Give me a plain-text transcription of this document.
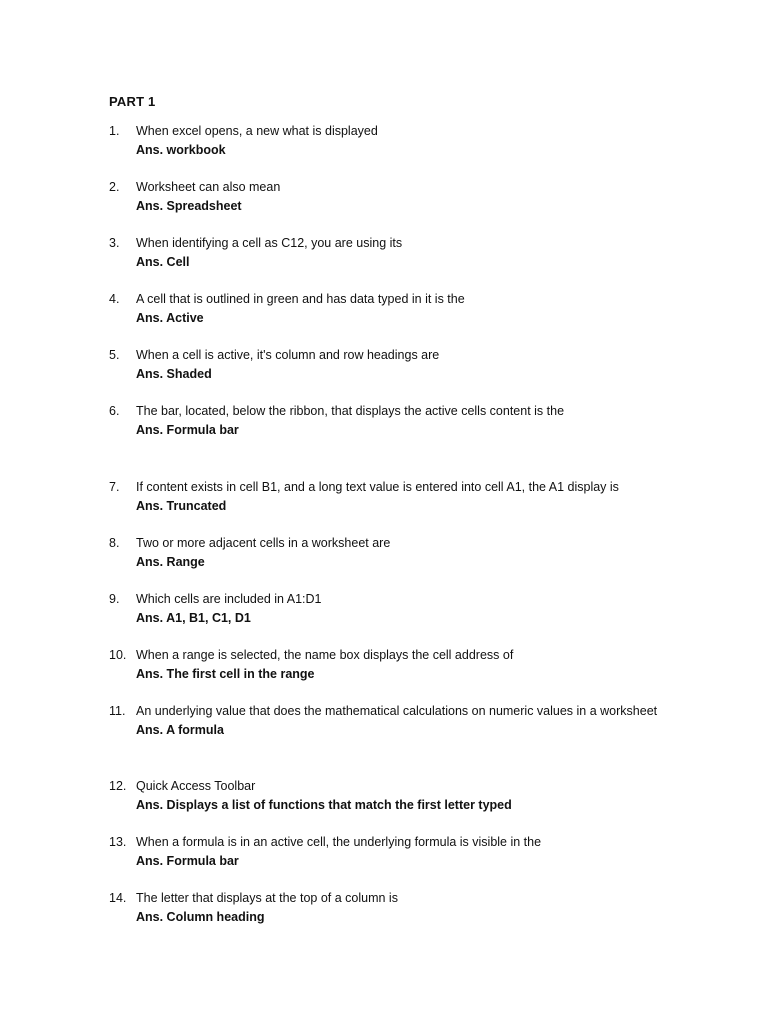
PART 1
1.	When excel opens, a new what is displayed
Ans. workbook
2.	Worksheet can also mean
Ans. Spreadsheet
3.	When identifying a cell as C12, you are using its
Ans. Cell
4.	A cell that is outlined in green and has data typed in it is the
Ans. Active
5.	When a cell is active, it's column and row headings are
Ans. Shaded
6.	The bar, located, below the ribbon, that displays the active cells content is the
Ans. Formula bar
7.	If content exists in cell B1, and a long text value is entered into cell A1, the A1 display is
Ans. Truncated
8.	Two or more adjacent cells in a worksheet are
Ans. Range
9.	Which cells are included in A1:D1
Ans. A1, B1, C1, D1
10. When a range is selected, the name box displays the cell address of
Ans. The first cell in the range
11. An underlying value that does the mathematical calculations on numeric values in a worksheet
Ans. A formula
12. Quick Access Toolbar
Ans. Displays a list of functions that match the first letter typed
13. When a formula is in an active cell, the underlying formula is visible in the
Ans. Formula bar
14. The letter that displays at the top of a column is
Ans. Column heading
